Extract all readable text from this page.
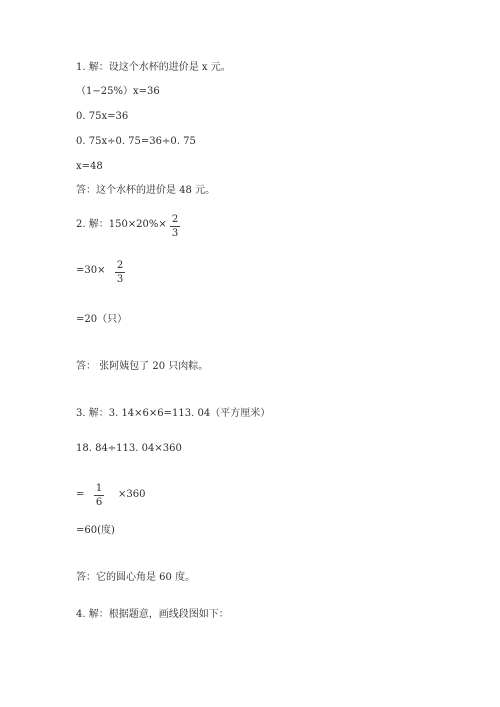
1. 解：设这个水杯的进价是 x 元。
（1−25%）x=36
0. 75x=36
0. 75x÷0. 75=36÷0. 75
x=48
答：这个水杯的进价是 48 元。
2. 解：150×20%× 2
3
=30× 2
3
=20（只）
答： 张阿姨包了 20 只肉粽。
3. 解：3. 14×6×6=113. 04（平方厘米）
18. 84÷113. 04×360
=
1
6
×360
=60(度)
答：它的圆心角是 60 度。
4. 解：根据题意，画线段图如下：
